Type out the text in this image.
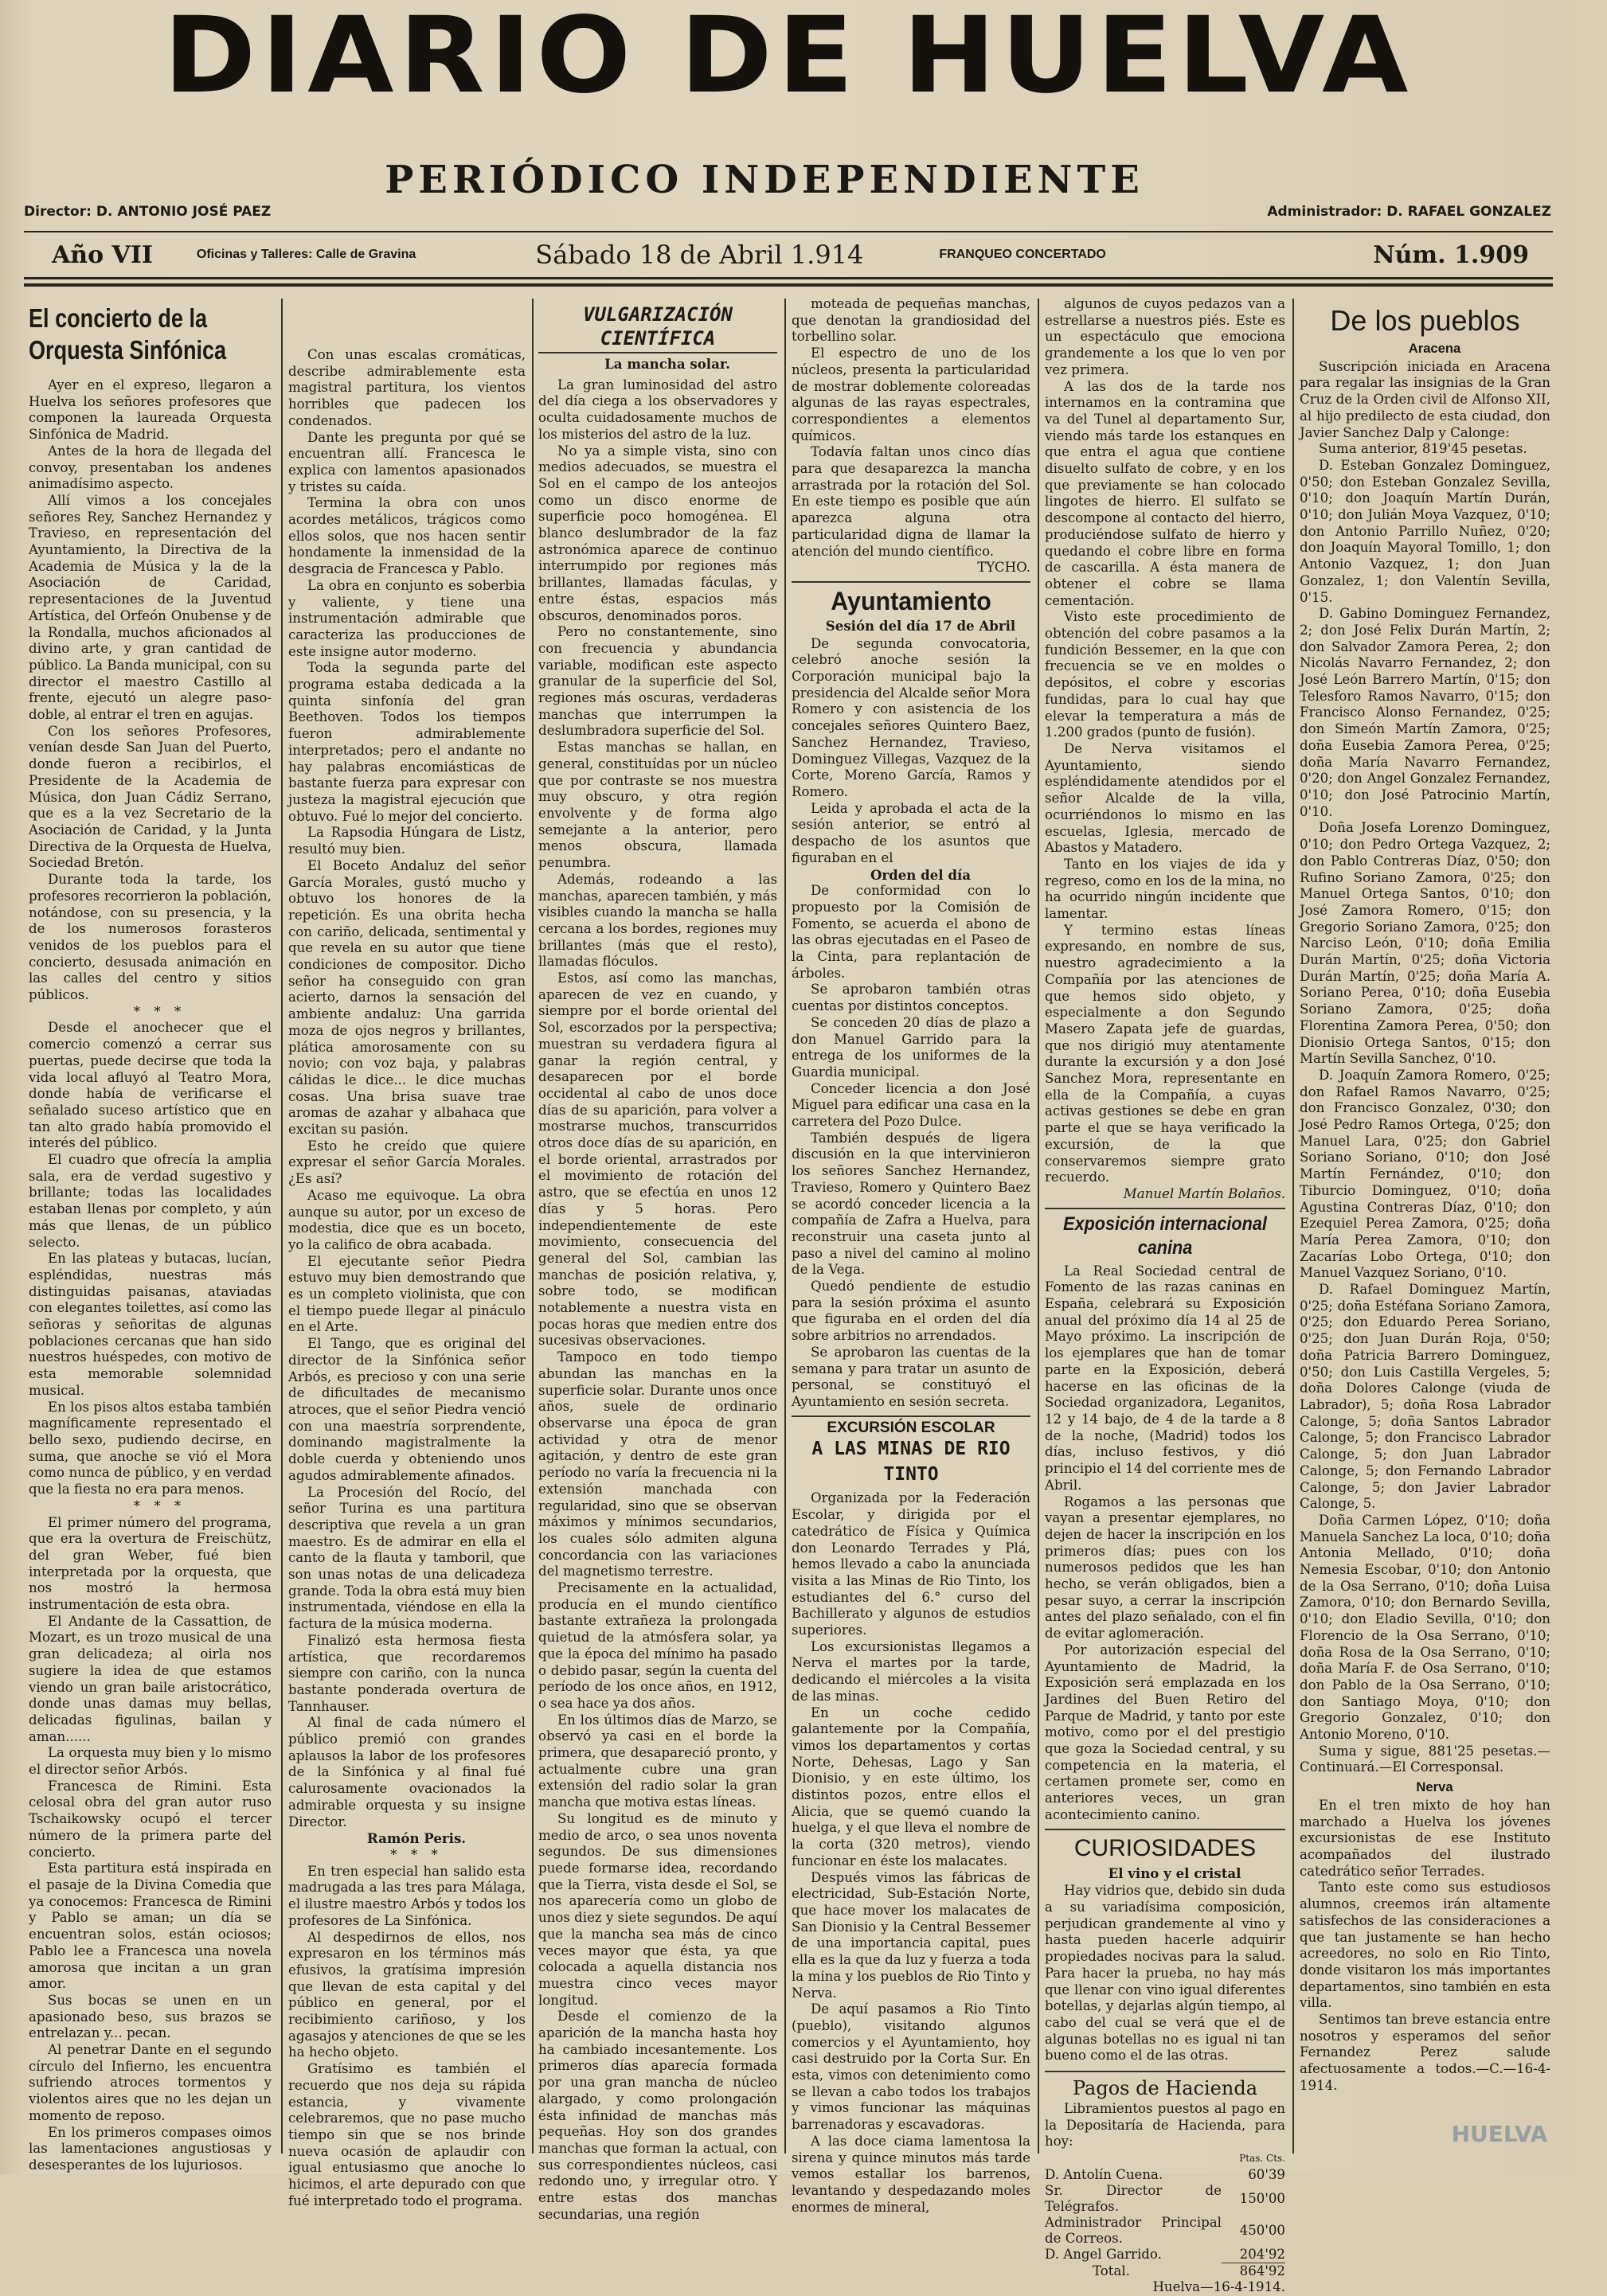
DIARIO DE HUELVA
PERIÓDICO INDEPENDIENTE
Director: D. ANTONIO JOSÉ PAEZ	Administrador: D. RAFAEL GONZALEZ
Año VII	Oficinas y Talleres: Calle de Gravina	Sábado 18 de Abril 1.914	FRANQUEO CONCERTADO	Núm. 1.909
El concierto de la Orquesta Sinfónica

Ayer en el expreso, llegaron a Huelva los señores profesores que componen la laureada Orquesta Sinfónica de Madrid.

Antes de la hora de llegada del convoy, presentaban los andenes animadísimo aspecto.

Allí vimos a los concejales señores Rey, Sanchez Hernandez y Travieso, en representación del Ayuntamiento, la Directiva de la Academia de Música y la de la Asociación de Caridad, representaciones de la Juventud Artística, del Orfeón Onubense y de la Rondalla, muchos aficionados al divino arte, y gran cantidad de público. La Banda municipal, con su director el maestro Castillo al frente, ejecutó un alegre paso-doble, al entrar el tren en agujas.

Con los señores Profesores, venían desde San Juan del Puerto, donde fueron a recibirlos, el Presidente de la Academia de Música, don Juan Cádiz Serrano, que es a la vez Secretario de la Asociación de Caridad, y la Junta Directiva de la Orquesta de Huelva, Sociedad Bretón.

Durante toda la tarde, los profesores recorrieron la población, notándose, con su presencia, y la de los numerosos forasteros venidos de los pueblos para el concierto, desusada animación en las calles del centro y sitios públicos.

* * *

Desde el anochecer que el comercio comenzó a cerrar sus puertas, puede decirse que toda la vida local afluyó al Teatro Mora, donde había de verificarse el señalado suceso artístico que en tan alto grado había promovido el interés del público.

El cuadro que ofrecía la amplia sala, era de verdad sugestivo y brillante; todas las localidades estaban llenas por completo, y aún más que llenas, de un público selecto.

En las plateas y butacas, lucían, espléndidas, nuestras más distinguidas paisanas, ataviadas con elegantes toilettes, así como las señoras y señoritas de algunas poblaciones cercanas que han sido nuestros huéspedes, con motivo de esta memorable solemnidad musical.

En los pisos altos estaba también magníficamente representado el bello sexo, pudiendo decirse, en suma, que anoche se vió el Mora como nunca de público, y en verdad que la fiesta no era para menos.

* * *

El primer número del programa, que era la overtura de Freischütz, del gran Weber, fué bien interpretada por la orquesta, que nos mostró la hermosa instrumentación de esta obra.

El Andante de la Cassattion, de Mozart, es un trozo musical de una gran delicadeza; al oirla nos sugiere la idea de que estamos viendo un gran baile aristocrático, donde unas damas muy bellas, delicadas figulinas, bailan y aman......

La orquesta muy bien y lo mismo el director señor Arbós.

Francesca de Rimini. Esta celosal obra del gran autor ruso Tschaikowsky ocupó el tercer número de la primera parte del concierto.

Esta partitura está inspirada en el pasaje de la Divina Comedia que ya conocemos: Francesca de Rimini y Pablo se aman; un día se encuentran solos, están ociosos; Pablo lee a Francesca una novela amorosa que incitan a un gran amor.

Sus bocas se unen en un apasionado beso, sus brazos se entrelazan y... pecan.

Al penetrar Dante en el segundo círculo del Infierno, les encuentra sufriendo atroces tormentos y violentos aires que no les dejan un momento de reposo.

En los primeros compases oimos las lamentaciones angustiosas y desesperantes de los lujuriosos.

Con unas escalas cromáticas, describe admirablemente esta magistral partitura, los vientos horribles que padecen los condenados.

Dante les pregunta por qué se encuentran allí. Francesca le explica con lamentos apasionados y tristes su caída.

Termina la obra con unos acordes metálicos, trágicos como ellos solos, que nos hacen sentir hondamente la inmensidad de la desgracia de Francesca y Pablo.

La obra en conjunto es soberbia y valiente, y tiene una instrumentación admirable que caracteriza las producciones de este insigne autor moderno.

Toda la segunda parte del programa estaba dedicada a la quinta sinfonía del gran Beethoven. Todos los tiempos fueron admirablemente interpretados; pero el andante no hay palabras encomiásticas de bastante fuerza para expresar con justeza la magistral ejecución que obtuvo. Fué lo mejor del concierto.

La Rapsodia Húngara de Listz, resultó muy bien.

El Boceto Andaluz del señor García Morales, gustó mucho y obtuvo los honores de la repetición. Es una obrita hecha con cariño, delicada, sentimental y que revela en su autor que tiene condiciones de compositor. Dicho señor ha conseguido con gran acierto, darnos la sensación del ambiente andaluz: Una garrida moza de ojos negros y brillantes, plática amorosamente con su novio; con voz baja, y palabras cálidas le dice... le dice muchas cosas. Una brisa suave trae aromas de azahar y albahaca que excitan su pasión.

Esto he creído que quiere expresar el señor García Morales. ¿Es así?

Acaso me equivoque. La obra aunque su autor, por un exceso de modestia, dice que es un boceto, yo la califico de obra acabada.

El ejecutante señor Piedra estuvo muy bien demostrando que es un completo violinista, que con el tiempo puede llegar al pináculo en el Arte.

El Tango, que es original del director de la Sinfónica señor Arbós, es precioso y con una serie de dificultades de mecanismo atroces, que el señor Piedra venció con una maestría sorprendente, dominando magistralmente la doble cuerda y obteniendo unos agudos admirablemente afinados.

La Procesión del Rocío, del señor Turina es una partitura descriptiva que revela a un gran maestro. Es de admirar en ella el canto de la flauta y tamboril, que son unas notas de una delicadeza grande. Toda la obra está muy bien instrumentada, viéndose en ella la factura de la música moderna.

Finalizó esta hermosa fiesta artística, que recordaremos siempre con cariño, con la nunca bastante ponderada overtura de Tannhauser.

Al final de cada número el público premió con grandes aplausos la labor de los profesores de la Sinfónica y al final fué calurosamente ovacionados la admirable orquesta y su insigne Director.

Ramón Peris.

* * *

En tren especial han salido esta madrugada a las tres para Málaga, el ilustre maestro Arbós y todos los profesores de La Sinfónica.

Al despedirnos de ellos, nos expresaron en los términos más efusivos, la gratísima impresión que llevan de esta capital y del público en general, por el recibimiento cariñoso, y los agasajos y atenciones de que se les ha hecho objeto.

Gratísimo es también el recuerdo que nos deja su rápida estancia, y vivamente celebraremos, que no pase mucho tiempo sin que se nos brinde nueva ocasión de aplaudir con igual entusiasmo que anoche lo hicimos, el arte depurado con que fué interpretado todo el programa.

VULGARIZACIÓN CIENTÍFICA

La mancha solar.

La gran luminosidad del astro del día ciega a los observadores y oculta cuidadosamente muchos de los misterios del astro de la luz.

No ya a simple vista, sino con medios adecuados, se muestra el Sol en el campo de los anteojos como un disco enorme de superficie poco homogénea. El blanco deslumbrador de la faz astronómica aparece de continuo interrumpido por regiones más brillantes, llamadas fáculas, y entre éstas, espacios más obscuros, denominados poros.

Pero no constantemente, sino con frecuencia y abundancia variable, modifican este aspecto granular de la superficie del Sol, regiones más oscuras, verdaderas manchas que interrumpen la deslumbradora superficie del Sol.

Estas manchas se hallan, en general, constituídas por un núcleo que por contraste se nos muestra muy obscuro, y otra región envolvente y de forma algo semejante a la anterior, pero menos obscura, llamada penumbra.

Además, rodeando a las manchas, aparecen también, y más visibles cuando la mancha se halla cercana a los bordes, regiones muy brillantes (más que el resto), llamadas flóculos.

Estos, así como las manchas, aparecen de vez en cuando, y siempre por el borde oriental del Sol, escorzados por la perspectiva; muestran su verdadera figura al ganar la región central, y desaparecen por el borde occidental al cabo de unos doce días de su aparición, para volver a mostrarse muchos, transcurridos otros doce días de su aparición, en el borde oriental, arrastrados por el movimiento de rotación del astro, que se efectúa en unos 12 días y 5 horas. Pero independientemente de este movimiento, consecuencia del general del Sol, cambian las manchas de posición relativa, y, sobre todo, se modifican notablemente a nuestra vista en pocas horas que medien entre dos sucesivas observaciones.

Tampoco en todo tiempo abundan las manchas en la superficie solar. Durante unos once años, suele de ordinario observarse una época de gran actividad y otra de menor agitación, y dentro de este gran período no varía la frecuencia ni la extensión manchada con regularidad, sino que se observan máximos y mínimos secundarios, los cuales sólo admiten alguna concordancia con las variaciones del magnetismo terrestre.

Precisamente en la actualidad, producía en el mundo científico bastante extrañeza la prolongada quietud de la atmósfera solar, ya que la época del mínimo ha pasado o debido pasar, según la cuenta del período de los once años, en 1912, o sea hace ya dos años.

En los últimos días de Marzo, se observó ya casi en el borde la primera, que desapareció pronto, y actualmente cubre una gran extensión del radio solar la gran mancha que motiva estas líneas.

Su longitud es de minuto y medio de arco, o sea unos noventa segundos. De sus dimensiones puede formarse idea, recordando que la Tierra, vista desde el Sol, se nos aparecería como un globo de unos diez y siete segundos. De aquí que la mancha sea más de cinco veces mayor que ésta, ya que colocada a aquella distancia nos muestra cinco veces mayor longitud.

Desde el comienzo de la aparición de la mancha hasta hoy ha cambiado incesantemente. Los primeros días aparecía formada por una gran mancha de núcleo alargado, y como prolongación ésta infinidad de manchas más pequeñas. Hoy son dos grandes manchas que forman la actual, con sus correspondientes núcleos, casi redondo uno, y irregular otro. Y entre estas dos manchas secundarias, una región

moteada de pequeñas manchas, que denotan la grandiosidad del torbellino solar.

El espectro de uno de los núcleos, presenta la particularidad de mostrar doblemente coloreadas algunas de las rayas espectrales, correspondientes a elementos químicos.

Todavía faltan unos cinco días para que desaparezca la mancha arrastrada por la rotación del Sol. En este tiempo es posible que aún aparezca alguna otra particularidad digna de llamar la atención del mundo científico.

TYCHO.

Ayuntamiento

Sesión del día 17 de Abril

De segunda convocatoria, celebró anoche sesión la Corporación municipal bajo la presidencia del Alcalde señor Mora Romero y con asistencia de los concejales señores Quintero Baez, Sanchez Hernandez, Travieso, Dominguez Villegas, Vazquez de la Corte, Moreno García, Ramos y Romero.

Leida y aprobada el acta de la sesión anterior, se entró al despacho de los asuntos que figuraban en el

Orden del día

De conformidad con lo propuesto por la Comisión de Fomento, se acuerda el abono de las obras ejecutadas en el Paseo de la Cinta, para replantación de árboles.

Se aprobaron también otras cuentas por distintos conceptos.

Se conceden 20 días de plazo a don Manuel Garrido para la entrega de los uniformes de la Guardia municipal.

Conceder licencia a don José Miguel para edificar una casa en la carretera del Pozo Dulce.

También después de ligera discusión en la que intervinieron los señores Sanchez Hernandez, Travieso, Romero y Quintero Baez se acordó conceder licencia a la compañía de Zafra a Huelva, para reconstruir una caseta junto al paso a nivel del camino al molino de la Vega.

Quedó pendiente de estudio para la sesión próxima el asunto que figuraba en el orden del día sobre arbitrios no arrendados.

Se aprobaron las cuentas de la semana y para tratar un asunto de personal, se constituyó el Ayuntamiento en sesión secreta.

EXCURSIÓN ESCOLAR
A LAS MINAS DE RIO TINTO

Organizada por la Federación Escolar, y dirigida por el catedrático de Física y Química don Leonardo Terrades y Plá, hemos llevado a cabo la anunciada visita a las Minas de Rio Tinto, los estudiantes del 6.° curso del Bachillerato y algunos de estudios superiores.

Los excursionistas llegamos a Nerva el martes por la tarde, dedicando el miércoles a la visita de las minas.

En un coche cedido galantemente por la Compañía, vimos los departamentos y cortas Norte, Dehesas, Lago y San Dionisio, y en este último, los distintos pozos, entre ellos el Alicia, que se quemó cuando la huelga, y el que lleva el nombre de la corta (320 metros), viendo funcionar en éste los malacates.

Después vimos las fábricas de electricidad, Sub-Estación Norte, que hace mover los malacates de San Dionisio y la Central Bessemer de una importancia capital, pues ella es la que da luz y fuerza a toda la mina y los pueblos de Rio Tinto y Nerva.

De aquí pasamos a Rio Tinto (pueblo), visitando algunos comercios y el Ayuntamiento, hoy casi destruido por la Corta Sur. En esta, vimos con detenimiento como se llevan a cabo todos los trabajos y vimos funcionar las máquinas barrenadoras y escavadoras.

A las doce ciama lamentosa la sirena y quince minutos más tarde vemos estallar los barrenos, levantando y despedazando moles enormes de mineral,

algunos de cuyos pedazos van a estrellarse a nuestros piés. Este es un espectáculo que emociona grandemente a los que lo ven por vez primera.

A las dos de la tarde nos internamos en la contramina que va del Tunel al departamento Sur, viendo más tarde los estanques en que entra el agua que contiene disuelto sulfato de cobre, y en los que previamente se han colocado lingotes de hierro. El sulfato se descompone al contacto del hierro, produciéndose sulfato de hierro y quedando el cobre libre en forma de cascarilla. A ésta manera de obtener el cobre se llama cementación.

Visto este procedimiento de obtención del cobre pasamos a la fundición Bessemer, en la que con frecuencia se ve en moldes o depósitos, el cobre y escorias fundidas, para lo cual hay que elevar la temperatura a más de 1.200 grados (punto de fusión).

De Nerva visitamos el Ayuntamiento, siendo espléndidamente atendidos por el señor Alcalde de la villa, ocurriéndonos lo mismo en las escuelas, Iglesia, mercado de Abastos y Matadero.

Tanto en los viajes de ida y regreso, como en los de la mina, no ha ocurrido ningún incidente que lamentar.

Y termino estas líneas expresando, en nombre de sus, nuestro agradecimiento a la Compañía por las atenciones de que hemos sido objeto, y especialmente a don Segundo Masero Zapata jefe de guardas, que nos dirigió muy atentamente durante la excursión y a don José Sanchez Mora, representante en ella de la Compañía, a cuyas activas gestiones se debe en gran parte el que se haya verificado la excursión, de la que conservaremos siempre grato recuerdo.

Manuel Martín Bolaños.

Exposición internacional canina

La Real Sociedad central de Fomento de las razas caninas en España, celebrará su Exposición anual del próximo día 14 al 25 de Mayo próximo. La inscripción de los ejemplares que han de tomar parte en la Exposición, deberá hacerse en las oficinas de la Sociedad organizadora, Leganitos, 12 y 14 bajo, de 4 de la tarde a 8 de la noche, (Madrid) todos los días, incluso festivos, y dió principio el 14 del corriente mes de Abril.

Rogamos a las personas que vayan a presentar ejemplares, no dejen de hacer la inscripción en los primeros días; pues con los numerosos pedidos que les han hecho, se verán obligados, bien a pesar suyo, a cerrar la inscripción antes del plazo señalado, con el fin de evitar aglomeración.

Por autorización especial del Ayuntamiento de Madrid, la Exposición será emplazada en los Jardines del Buen Retiro del Parque de Madrid, y tanto por este motivo, como por el del prestigio que goza la Sociedad central, y su competencia en la materia, el certamen promete ser, como en anteriores veces, un gran acontecimiento canino.

CURIOSIDADES

El vino y el cristal

Hay vidrios que, debido sin duda a su variadísima composición, perjudican grandemente al vino y hasta pueden hacerle adquirir propiedades nocivas para la salud. Para hacer la prueba, no hay más que llenar con vino igual diferentes botellas, y dejarlas algún tiempo, al cabo del cual se verá que el de algunas botellas no es igual ni tan bueno como el de las otras.

Pagos de Hacienda

Libramientos puestos al pago en la Depositaría de Hacienda, para hoy:

Ptas. Cts.
D. Antolín Cuena.	60'39
Sr. Director de Telégrafos.	150'00
Administrador Principal de Correos.	450'00
D. Angel Garrido.	204'92
Total.	864'92

Huelva—16-4-1914.

De los pueblos

Aracena

Suscripción iniciada en Aracena para regalar las insignias de la Gran Cruz de la Orden civil de Alfonso XII, al hijo predilecto de esta ciudad, don Javier Sanchez Dalp y Calonge:

Suma anterior, 819'45 pesetas.

D. Esteban Gonzalez Dominguez, 0'50; don Esteban Gonzalez Sevilla, 0'10; don Joaquín Martín Durán, 0'10; don Julián Moya Vazquez, 0'10; don Antonio Parrillo Nuñez, 0'20; don Joaquín Mayoral Tomillo, 1; don Antonio Vazquez, 1; don Juan Gonzalez, 1; don Valentín Sevilla, 0'15.

D. Gabino Dominguez Fernandez, 2; don José Felix Durán Martín, 2; don Salvador Zamora Perea, 2; don Nicolás Navarro Fernandez, 2; don José León Barrero Martín, 0'15; don Telesforo Ramos Navarro, 0'15; don Francisco Alonso Fernandez, 0'25; don Simeón Martín Zamora, 0'25; doña Eusebia Zamora Perea, 0'25; doña María Navarro Fernandez, 0'20; don Angel Gonzalez Fernandez, 0'10; don José Patrocinio Martín, 0'10.

Doña Josefa Lorenzo Dominguez, 0'10; don Pedro Ortega Vazquez, 2; don Pablo Contreras Díaz, 0'50; don Rufino Soriano Zamora, 0'25; don Manuel Ortega Santos, 0'10; don José Zamora Romero, 0'15; don Gregorio Soriano Zamora, 0'25; don Narciso León, 0'10; doña Emilia Durán Martín, 0'25; doña Victoria Durán Martín, 0'25; doña María A. Soriano Perea, 0'10; doña Eusebia Soriano Zamora, 0'25; doña Florentina Zamora Perea, 0'50; don Dionisio Ortega Santos, 0'15; don Martín Sevilla Sanchez, 0'10.

D. Joaquín Zamora Romero, 0'25; don Rafael Ramos Navarro, 0'25; don Francisco Gonzalez, 0'30; don José Pedro Ramos Ortega, 0'25; don Manuel Lara, 0'25; don Gabriel Soriano Soriano, 0'10; don José Martín Fernández, 0'10; don Tiburcio Dominguez, 0'10; doña Agustina Contreras Díaz, 0'10; don Ezequiel Perea Zamora, 0'25; doña María Perea Zamora, 0'10; don Zacarías Lobo Ortega, 0'10; don Manuel Vazquez Soriano, 0'10.

D. Rafael Dominguez Martín, 0'25; doña Estéfana Soriano Zamora, 0'25; don Eduardo Perea Soriano, 0'25; don Juan Durán Roja, 0'50; doña Patricia Barrero Dominguez, 0'50; don Luis Castilla Vergeles, 5; doña Dolores Calonge (viuda de Labrador), 5; doña Rosa Labrador Calonge, 5; doña Santos Labrador Calonge, 5; don Francisco Labrador Calonge, 5; don Juan Labrador Calonge, 5; don Fernando Labrador Calonge, 5; don Javier Labrador Calonge, 5.

Doña Carmen López, 0'10; doña Manuela Sanchez La loca, 0'10; doña Antonia Mellado, 0'10; doña Nemesia Escobar, 0'10; don Antonio de la Osa Serrano, 0'10; doña Luisa Zamora, 0'10; don Bernardo Sevilla, 0'10; don Eladio Sevilla, 0'10; don Florencio de la Osa Serrano, 0'10; doña Rosa de la Osa Serrano, 0'10; doña María F. de Osa Serrano, 0'10; don Pablo de la Osa Serrano, 0'10; don Santiago Moya, 0'10; don Gregorio Gonzalez, 0'10; don Antonio Moreno, 0'10.

Suma y sigue, 881'25 pesetas.—Continuará.—El Corresponsal.

Nerva

En el tren mixto de hoy han marchado a Huelva los jóvenes excursionistas de ese Instituto acompañados del ilustrado catedrático señor Terrades.

Tanto este como sus estudiosos alumnos, creemos irán altamente satisfechos de las consideraciones a que tan justamente se han hecho acreedores, no solo en Rio Tinto, donde visitaron los más importantes departamentos, sino también en esta villa.

Sentimos tan breve estancia entre nosotros y esperamos del señor Fernandez Perez salude afectuosamente a todos.—C.—16-4-1914.

HUELVA
